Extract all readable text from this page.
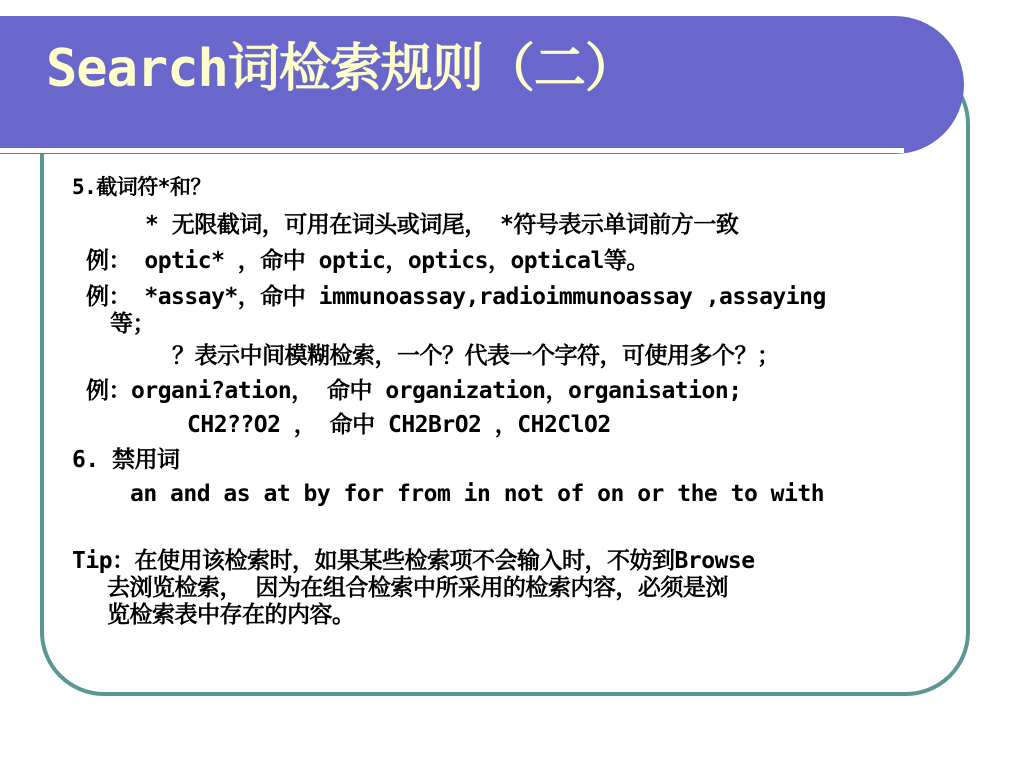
Search词检索规则（二）
5.截词符*和？
* 无限截词，可用在词头或词尾， *符号表示单词前方一致
例： optic* ，命中 optic，optics，optical等。
例： *assay*，命中 immunoassay,radioimmunoassay ,assaying
等；
？表示中间模糊检索，一个？代表一个字符，可使用多个？；
例：organi?ation， 命中 organization，organisation;
CH2??O2 ， 命中 CH2BrO2 ，CH2ClO2
6. 禁用词
an and as at by for from in not of on or the to with
Tip：在使用该检索时，如果某些检索项不会输入时，不妨到Browse
去浏览检索， 因为在组合检索中所采用的检索内容，必须是浏
览检索表中存在的内容。
